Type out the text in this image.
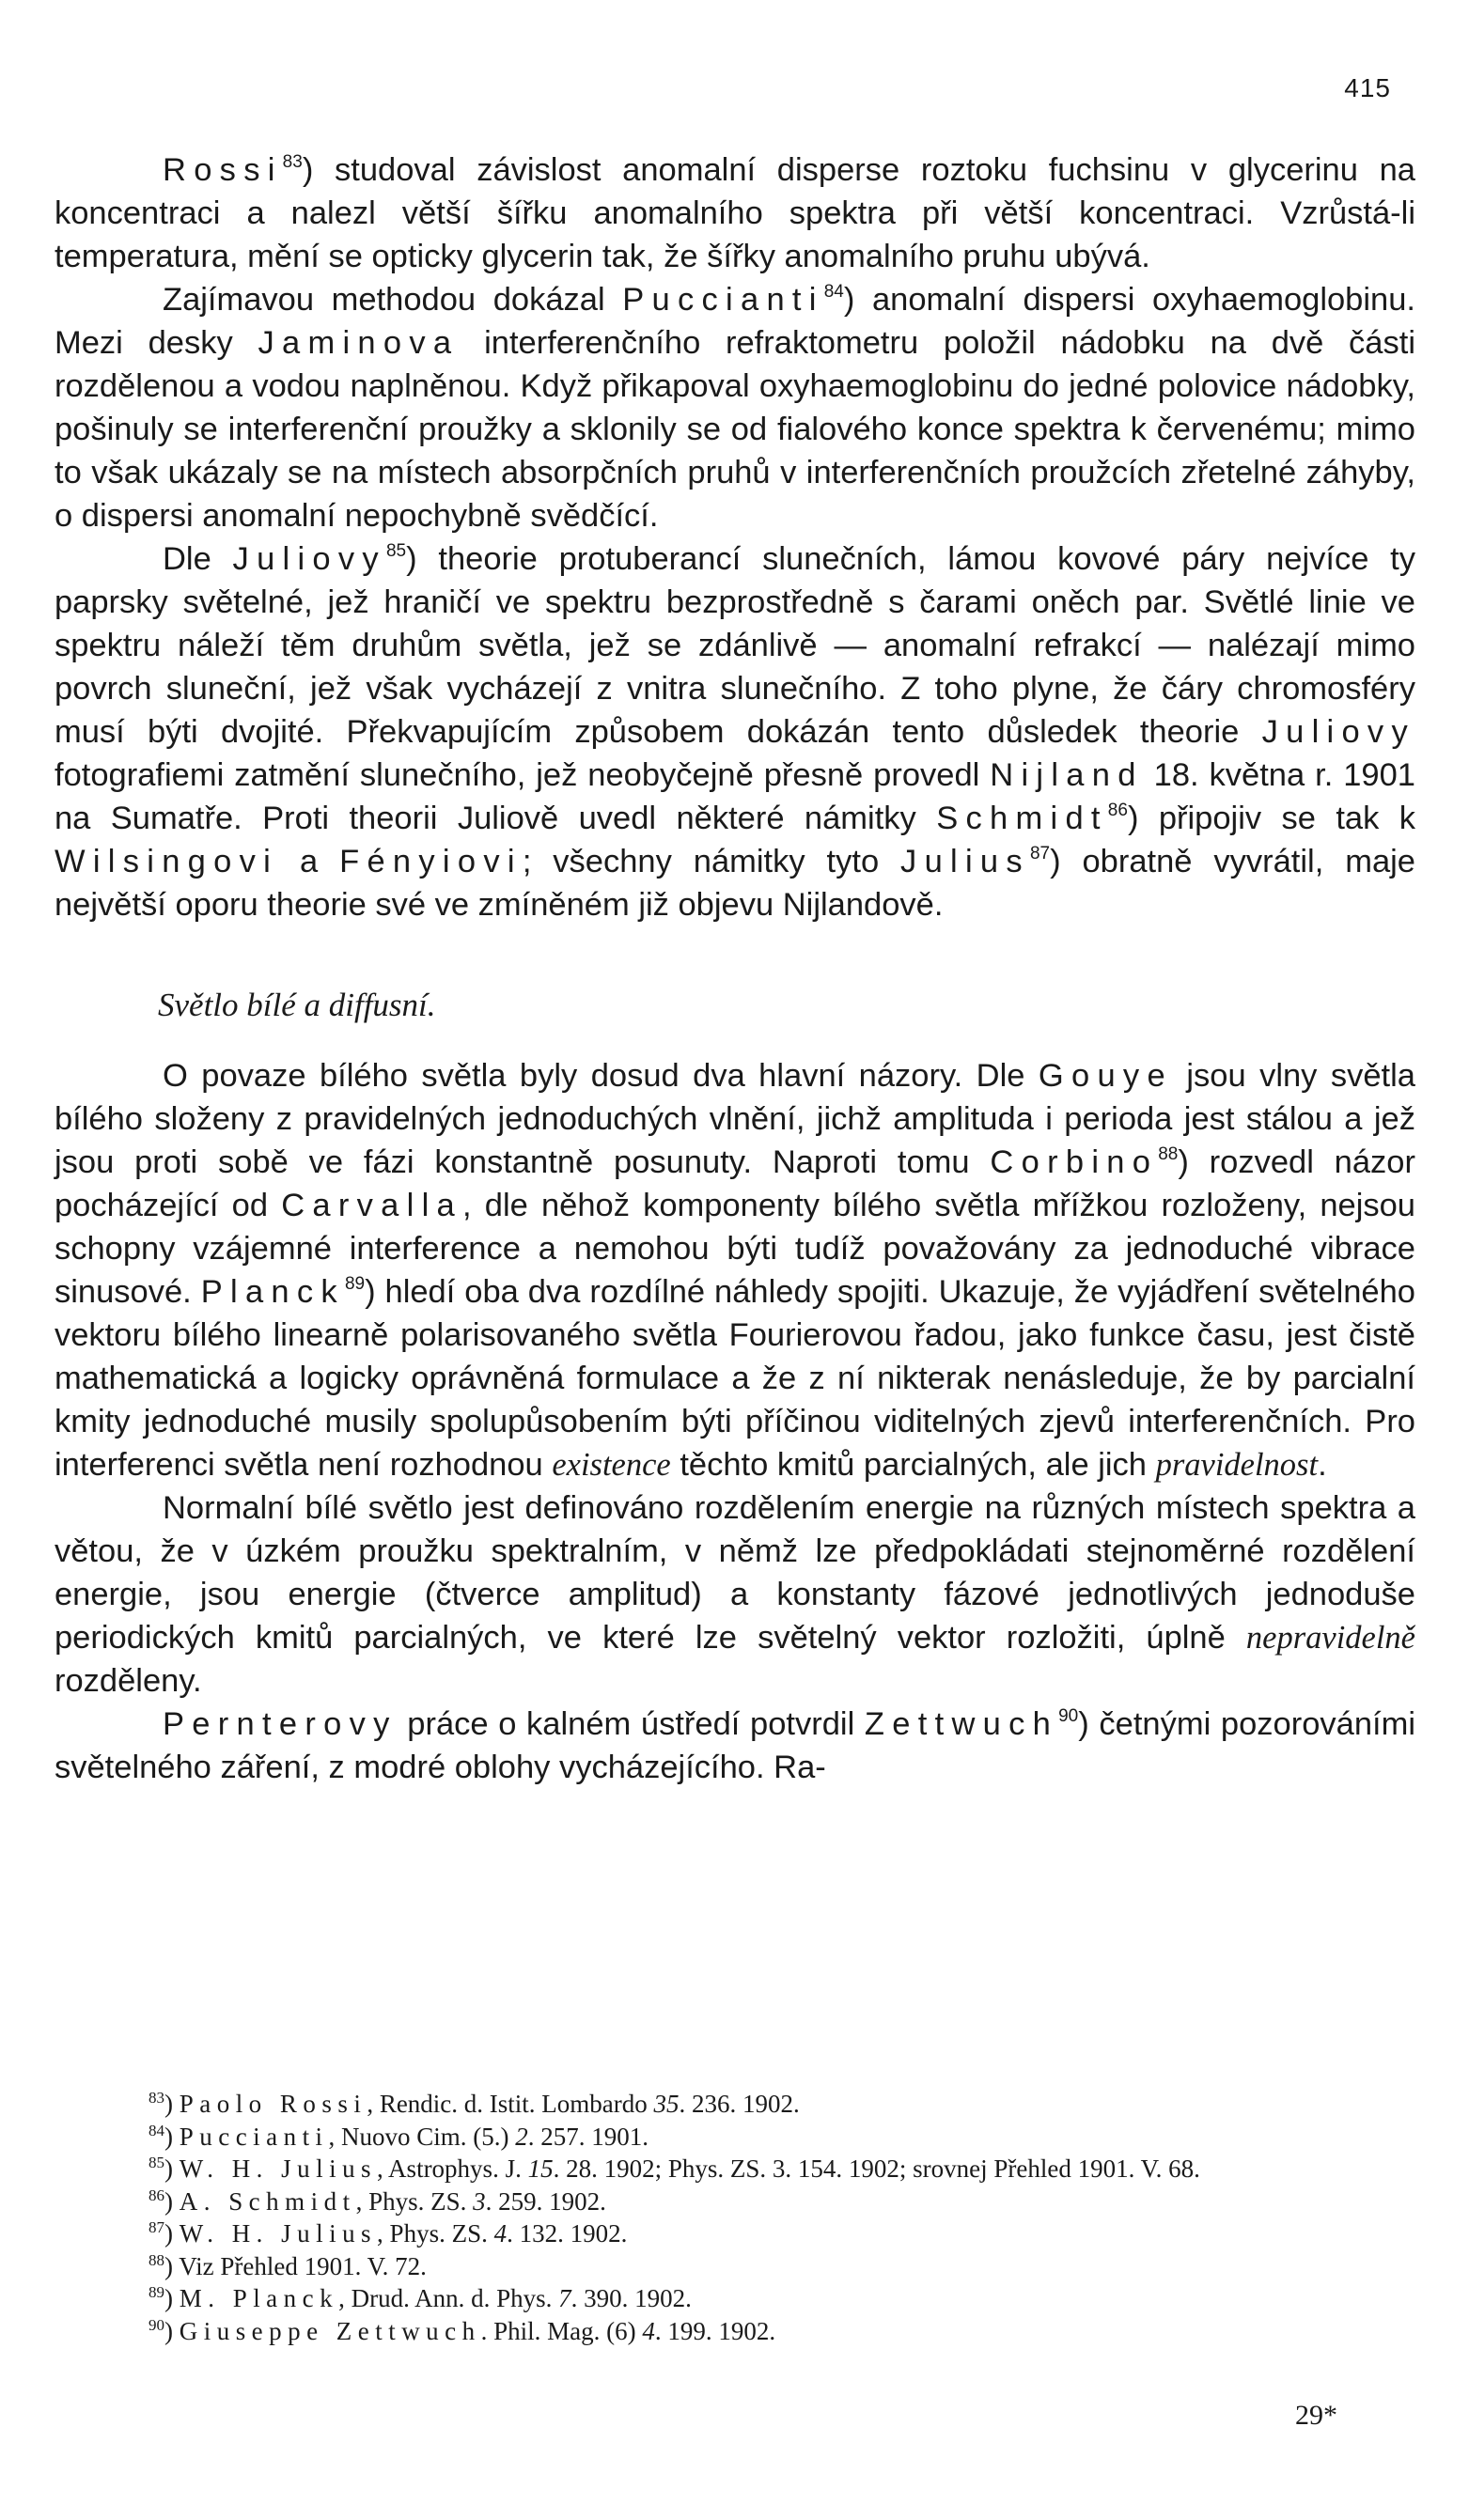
415

Rossi$^{83}$) studoval závislost anomalní disperse roztoku fuchsinu v glycerinu na koncentraci a nalezl větší šířku anomalního spektra při větší koncentraci. Vzrůstá-li temperatura, mění se opticky glycerin tak, že šířky anomalního pruhu ubývá.

Zajímavou methodou dokázal Puccianti$^{84}$) anomalní dispersi oxyhaemoglobinu. Mezi desky Jaminova interferenčního refraktometru položil nádobku na dvě části rozdělenou a vodou naplněnou. Když přikapoval oxyhaemoglobinu do jedné polovice nádobky, pošinuly se interferenční proužky a sklonily se od fialového konce spektra k červenému; mimo to však ukázaly se na místech absorpčních pruhů v interferenčních proužcích zřetelné záhyby, o dispersi anomalní nepochybně svědčící.

Dle Juliovy$^{85}$) theorie protuberancí slunečních, lámou kovové páry nejvíce ty paprsky světelné, jež hraničí ve spektru bezprostředně s čarami oněch par. Světlé linie ve spektru náleží těm druhům světla, jež se zdánlivě — anomalní refrakcí — nalézají mimo povrch sluneční, jež však vycházejí z vnitra slunečního. Z toho plyne, že čáry chromosféry musí býti dvojité. Překvapujícím způsobem dokázán tento důsledek theorie Juliovy fotografiemi zatmění slunečního, jež neobyčejně přesně provedl Nijland 18. května r. 1901 na Sumatře. Proti theorii Juliově uvedl některé námitky Schmidt$^{86}$) připojiv se tak k Wilsingovi a Fényiovi; všechny námitky tyto Julius$^{87}$) obratně vyvrátil, maje největší oporu theorie své ve zmíněném již objevu Nijlandově.

Světlo bílé a diffusní.

O povaze bílého světla byly dosud dva hlavní názory. Dle Gouye jsou vlny světla bílého složeny z pravidelných jednoduchých vlnění, jichž amplituda i perioda jest stálou a jež jsou proti sobě ve fázi konstantně posunuty. Naproti tomu Corbino$^{88}$) rozvedl názor pocházející od Carvalla, dle něhož komponenty bílého světla mřížkou rozloženy, nejsou schopny vzájemné interference a nemohou býti tudíž považovány za jednoduché vibrace sinusové. Planck$^{89}$) hledí oba dva rozdílné náhledy spojiti. Ukazuje, že vyjádření světelného vektoru bílého linearně polarisovaného světla Fourierovou řadou, jako funkce času, jest čistě mathematická a logicky oprávněná formulace a že z ní nikterak nenásleduje, že by parcialní kmity jednoduché musily spolupůsobením býti příčinou viditelných zjevů interferenčních. Pro interferenci světla není rozhodnou existence těchto kmitů parcialných, ale jich pravidelnost.

Normalní bílé světlo jest definováno rozdělením energie na různých místech spektra a větou, že v úzkém proužku spektralním, v němž lze předpokládati stejnoměrné rozdělení energie, jsou energie (čtverce amplitud) a konstanty fázové jednotlivých jednoduše periodických kmitů parcialných, ve které lze světelný vektor rozložiti, úplně nepravidelně rozděleny.

Pernterovy práce o kalném ústředí potvrdil Zettwuch$^{90}$) četnými pozorováními světelného záření, z modré oblohy vycházejícího. Ra-

$^{83}$) Paolo Rossi, Rendic. d. Istit. Lombardo 35. 236. 1902.

$^{84}$) Puccianti, Nuovo Cim. (5.) 2. 257. 1901.

$^{85}$) W. H. Julius, Astrophys. J. 15. 28. 1902; Phys. ZS. 3. 154. 1902; srovnej Přehled 1901. V. 68.

$^{86}$) A. Schmidt, Phys. ZS. 3. 259. 1902.

$^{87}$) W. H. Julius, Phys. ZS. 4. 132. 1902.

$^{88}$) Viz Přehled 1901. V. 72.

$^{89}$) M. Planck, Drud. Ann. d. Phys. 7. 390. 1902.

$^{90}$) Giuseppe Zettwuch. Phil. Mag. (6) 4. 199. 1902.

29*
